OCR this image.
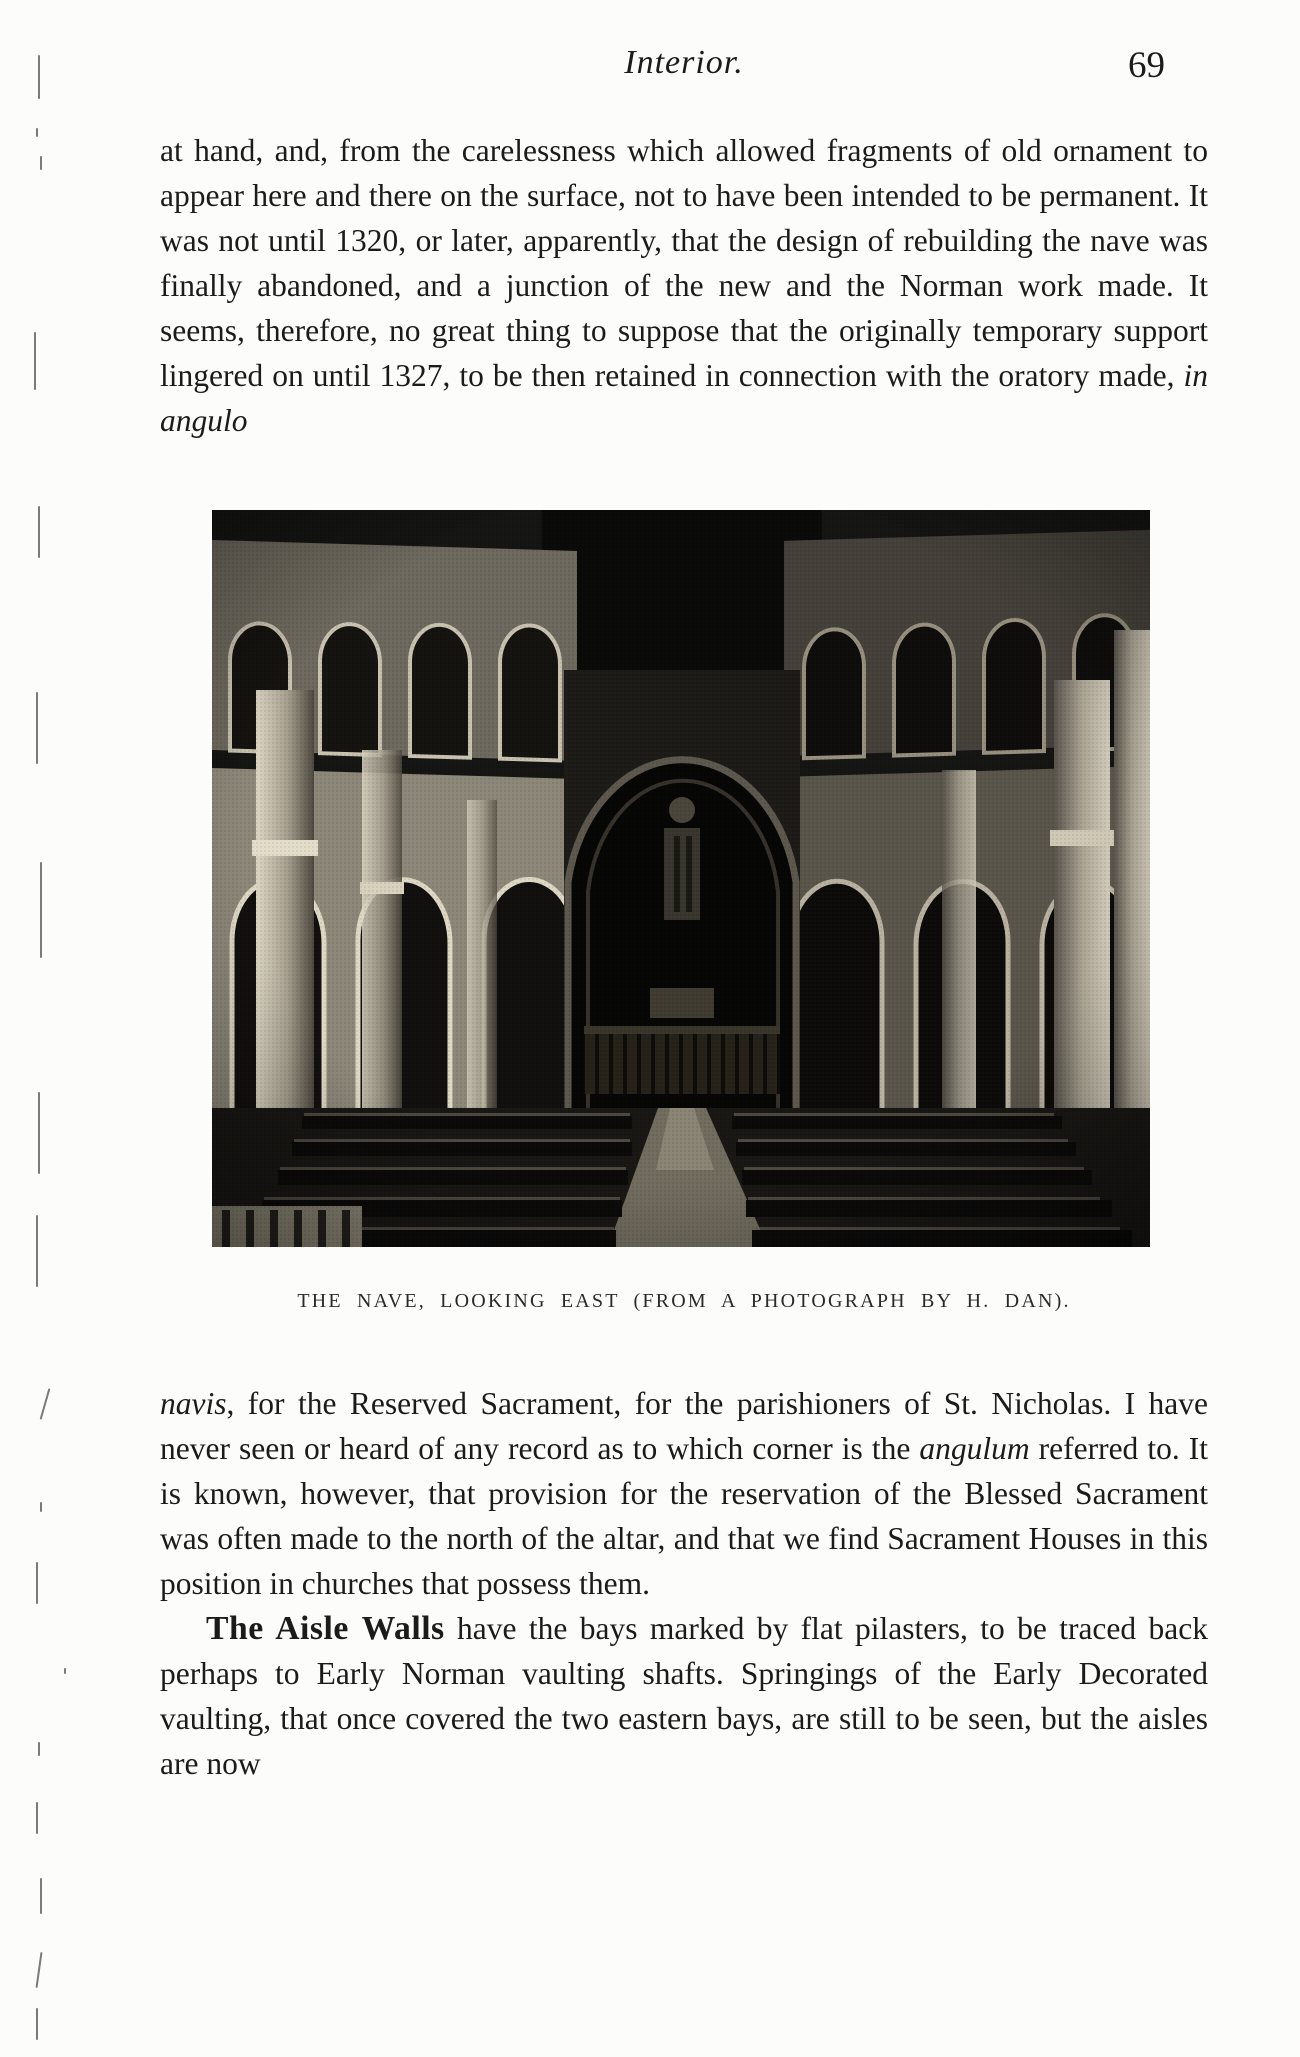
Interior.	69

at hand, and, from the carelessness which allowed fragments of old ornament to appear here and there on the surface, not to have been intended to be permanent. It was not until 1320, or later, apparently, that the design of rebuilding the nave was finally abandoned, and a junction of the new and the Norman work made. It seems, therefore, no great thing to suppose that the originally temporary support lingered on until 1327, to be then retained in connection with the oratory made, in angulo

THE NAVE, LOOKING EAST (FROM A PHOTOGRAPH BY H. DAN).

navis, for the Reserved Sacrament, for the parishioners of St. Nicholas. I have never seen or heard of any record as to which corner is the angulum referred to. It is known, however, that provision for the reservation of the Blessed Sacrament was often made to the north of the altar, and that we find Sacrament Houses in this position in churches that possess them.

The Aisle Walls have the bays marked by flat pilasters, to be traced back perhaps to Early Norman vaulting shafts. Springings of the Early Decorated vaulting, that once covered the two eastern bays, are still to be seen, but the aisles are now
